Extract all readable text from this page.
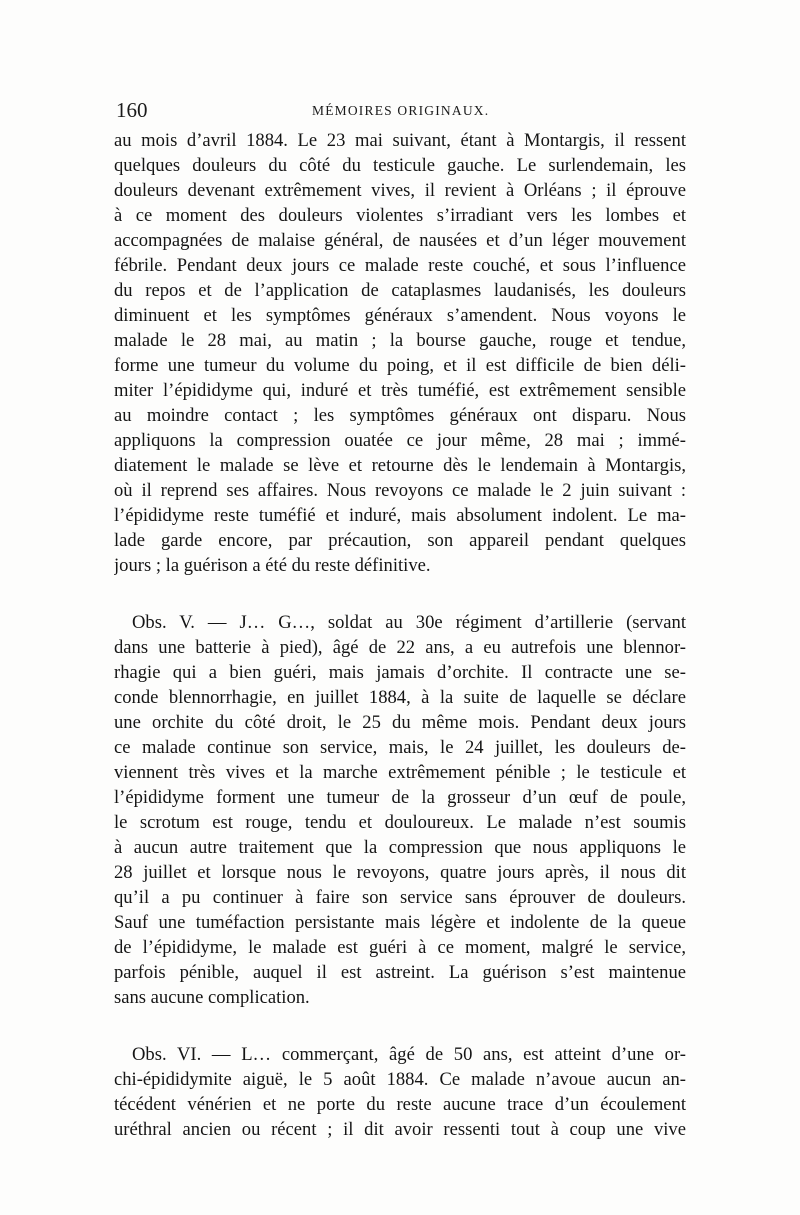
160	MÉMOIRES ORIGINAUX.
au mois d’avril 1884. Le 23 mai suivant, étant à Montargis, il ressent
quelques douleurs du côté du testicule gauche. Le surlendemain, les
douleurs devenant extrêmement vives, il revient à Orléans ; il éprouve
à ce moment des douleurs violentes s’irradiant vers les lombes et
accompagnées de malaise général, de nausées et d’un léger mouvement
fébrile. Pendant deux jours ce malade reste couché, et sous l’influence
du repos et de l’application de cataplasmes laudanisés, les douleurs
diminuent et les symptômes généraux s’amendent. Nous voyons le
malade le 28 mai, au matin ; la bourse gauche, rouge et tendue,
forme une tumeur du volume du poing, et il est difficile de bien déli-
miter l’épididyme qui, induré et très tuméfié, est extrêmement sensible
au moindre contact ; les symptômes généraux ont disparu. Nous
appliquons la compression ouatée ce jour même, 28 mai ; immé-
diatement le malade se lève et retourne dès le lendemain à Montargis,
où il reprend ses affaires. Nous revoyons ce malade le 2 juin suivant :
l’épididyme reste tuméfié et induré, mais absolument indolent. Le ma-
lade garde encore, par précaution, son appareil pendant quelques
jours ; la guérison a été du reste définitive.
Obs. V. — J… G…, soldat au 30e régiment d’artillerie (servant
dans une batterie à pied), âgé de 22 ans, a eu autrefois une blennor-
rhagie qui a bien guéri, mais jamais d’orchite. Il contracte une se-
conde blennorrhagie, en juillet 1884, à la suite de laquelle se déclare
une orchite du côté droit, le 25 du même mois. Pendant deux jours
ce malade continue son service, mais, le 24 juillet, les douleurs de-
viennent très vives et la marche extrêmement pénible ; le testicule et
l’épididyme forment une tumeur de la grosseur d’un œuf de poule,
le scrotum est rouge, tendu et douloureux. Le malade n’est soumis
à aucun autre traitement que la compression que nous appliquons le
28 juillet et lorsque nous le revoyons, quatre jours après, il nous dit
qu’il a pu continuer à faire son service sans éprouver de douleurs.
Sauf une tuméfaction persistante mais légère et indolente de la queue
de l’épididyme, le malade est guéri à ce moment, malgré le service,
parfois pénible, auquel il est astreint. La guérison s’est maintenue
sans aucune complication.
Obs. VI. — L… commerçant, âgé de 50 ans, est atteint d’une or-
chi-épididymite aiguë, le 5 août 1884. Ce malade n’avoue aucun an-
técédent vénérien et ne porte du reste aucune trace d’un écoulement
uréthral ancien ou récent ; il dit avoir ressenti tout à coup une vive
